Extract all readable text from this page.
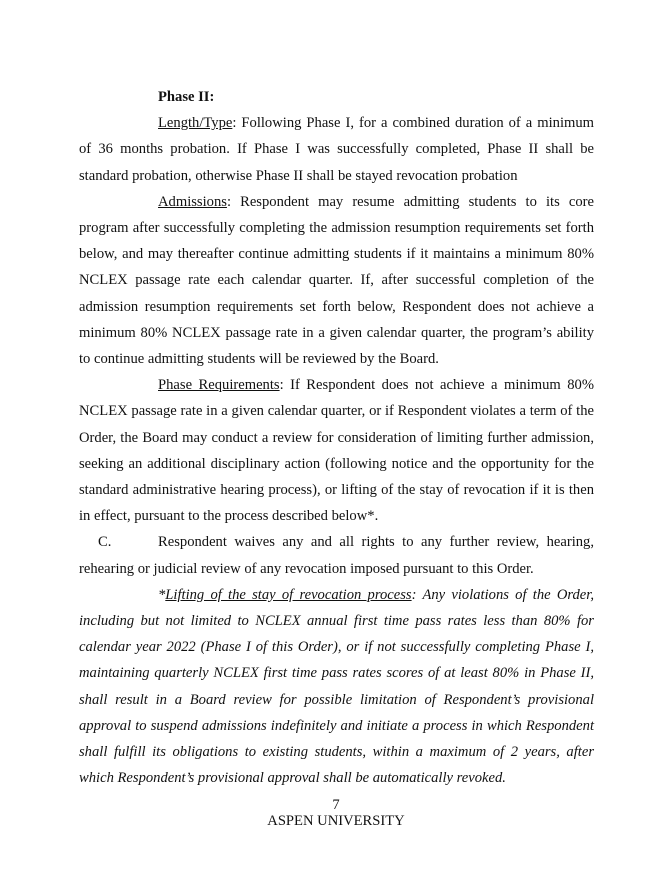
Phase II:

Length/Type: Following Phase I, for a combined duration of a minimum of 36 months probation. If Phase I was successfully completed, Phase II shall be standard probation, otherwise Phase II shall be stayed revocation probation

Admissions: Respondent may resume admitting students to its core program after successfully completing the admission resumption requirements set forth below, and may thereafter continue admitting students if it maintains a minimum 80% NCLEX passage rate each calendar quarter. If, after successful completion of the admission resumption requirements set forth below, Respondent does not achieve a minimum 80% NCLEX passage rate in a given calendar quarter, the program’s ability to continue admitting students will be reviewed by the Board.

Phase Requirements: If Respondent does not achieve a minimum 80% NCLEX passage rate in a given calendar quarter, or if Respondent violates a term of the Order, the Board may conduct a review for consideration of limiting further admission, seeking an additional disciplinary action (following notice and the opportunity for the standard administrative hearing process), or lifting of the stay of revocation if it is then in effect, pursuant to the process described below*.

C.	Respondent waives any and all rights to any further review, hearing, rehearing or judicial review of any revocation imposed pursuant to this Order.

*Lifting of the stay of revocation process: Any violations of the Order, including but not limited to NCLEX annual first time pass rates less than 80% for calendar year 2022 (Phase I of this Order), or if not successfully completing Phase I, maintaining quarterly NCLEX first time pass rates scores of at least 80% in Phase II, shall result in a Board review for possible limitation of Respondent’s provisional approval to suspend admissions indefinitely and initiate a process in which Respondent shall fulfill its obligations to existing students, within a maximum of 2 years, after which Respondent’s provisional approval shall be automatically revoked.

7
ASPEN UNIVERSITY
